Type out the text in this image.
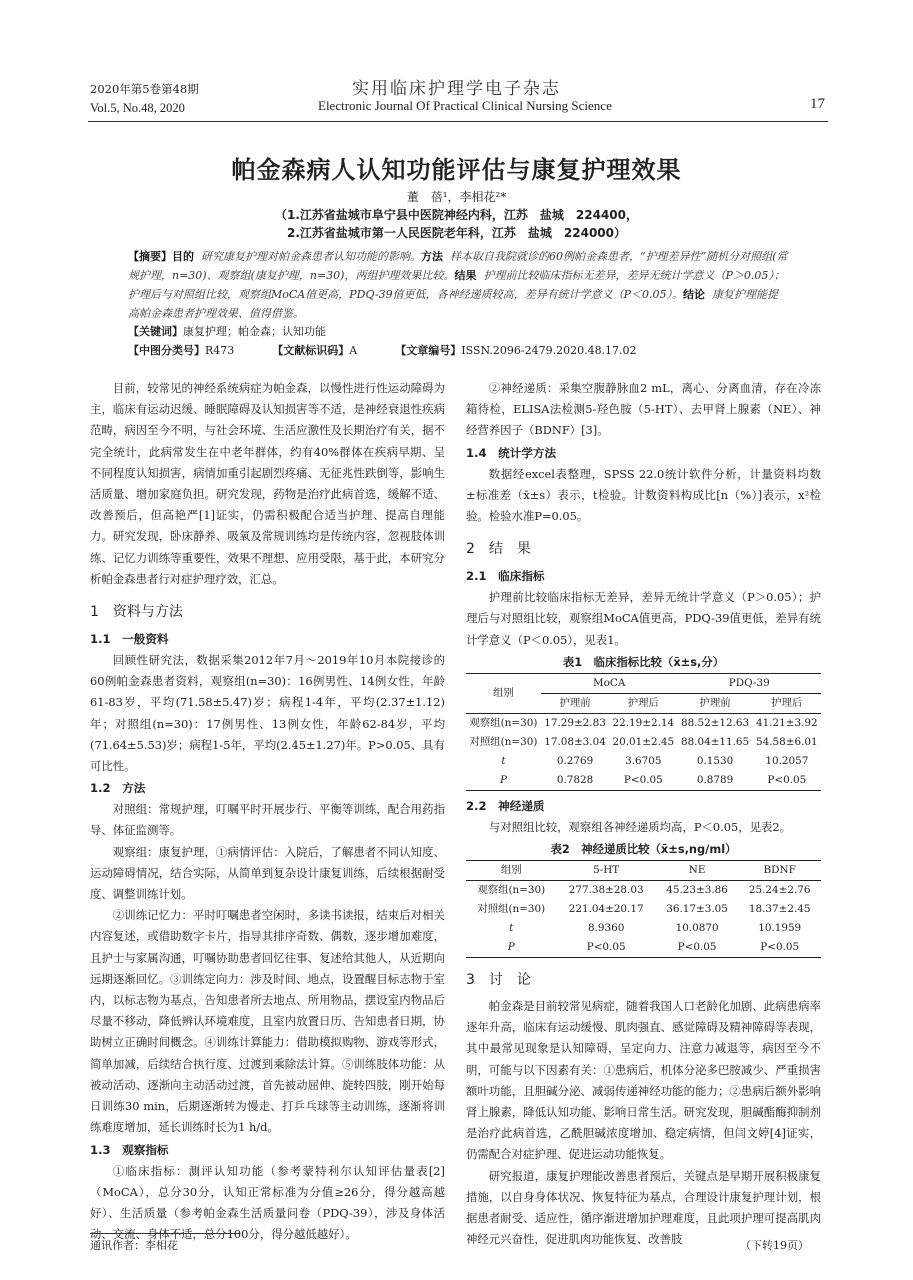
2020年第5卷第48期
Vol.5, No.48, 2020
实用临床护理学电子杂志
Electronic Journal Of Practical Clinical Nursing Science	17
帕金森病人认知功能评估与康复护理效果
董　蓓¹，李相花²*
（1.江苏省盐城市阜宁县中医院神经内科，江苏　盐城　224400，
2.江苏省盐城市第一人民医院老年科，江苏　盐城　224000）
【摘要】目的 研究康复护理对帕金森患者认知功能的影响。方法 样本取自我院就诊的60例帕金森患者，“护理差异性”随机分对照组(常规护理，n=30)、观察组(康复护理，n=30)，两组护理效果比较。结果 护理前比较临床指标无差异，差异无统计学意义（P＞0.05）；护理后与对照组比较，观察组MoCA值更高，PDQ-39值更低，各神经递质较高，差异有统计学意义（P＜0.05）。结论 康复护理能提高帕金森患者护理效果、值得借鉴。
【关键词】康复护理；帕金森；认知功能
【中图分类号】R473	【文献标识码】A	【文章编号】ISSN.2096-2479.2020.48.17.02

目前，较常见的神经系统病症为帕金森，以慢性进行性运动障碍为主，临床有运动迟缓、睡眠障碍及认知损害等不适，是神经衰退性疾病范畴，病因至今不明，与社会环境、生活应激性及长期治疗有关，据不完全统计，此病常发生在中老年群体，约有40%群体在疾病早期、呈不同程度认知损害，病情加重引起剧烈疼痛、无征兆性跌倒等，影响生活质量、增加家庭负担。研究发现，药物是治疗此病首选，缓解不适、改善预后，但高艳严[1]证实，仍需积极配合适当护理、提高自理能力。研究发现，卧床静养、吸氧及常规训练均是传统内容，忽视肢体训练、记忆力训练等重要性，效果不理想、应用受限，基于此，本研究分析帕金森患者行对症护理疗效，汇总。

1　资料与方法
1.1　一般资料

回顾性研究法，数据采集2012年7月～2019年10月本院接诊的60例帕金森患者资料，观察组(n=30)：16例男性、14例女性，年龄61-83岁，平均(71.58±5.47)岁；病程1-4年，平均(2.37±1.12)年；对照组(n=30)：17例男性、13例女性，年龄62-84岁，平均(71.64±5.53)岁；病程1-5年，平均(2.45±1.27)年。P>0.05、具有可比性。

1.2　方法

对照组：常规护理，叮嘱平时开展步行、平衡等训练，配合用药指导、体征监测等。

观察组：康复护理，①病情评估：入院后，了解患者不同认知度、运动障碍情况，结合实际，从简单到复杂设计康复训练，后续根据耐受度、调整训练计划。

②训练记忆力：平时叮嘱患者空闲时，多读书读报，结束后对相关内容复述，或借助数字卡片，指导其排序奇数、偶数，逐步增加难度，且护士与家属沟通，叮嘱协助患者回忆往事、复述给其他人，从近期向远期逐渐回忆。③训练定向力：涉及时间、地点，设置醒目标志物于室内，以标志物为基点，告知患者所去地点、所用物品，摆设室内物品后尽量不移动，降低辨认环境难度，且室内放置日历、告知患者日期，协助树立正确时间概念。④训练计算能力：借助模拟购物、游戏等形式，简单加减，后续结合执行度、过渡到乘除法计算。⑤训练肢体功能：从被动活动、逐渐向主动活动过渡，首先被动屈伸、旋转四肢，刚开始每日训练30 min，后期逐渐转为慢走、打乒乓球等主动训练，逐渐将训练难度增加，延长训练时长为1 h/d。

1.3　观察指标

①临床指标：测评认知功能（参考蒙特利尔认知评估量表[2]（MoCA），总分30分，认知正常标准为分值≥26分，得分越高越好）、生活质量（参考帕金森生活质量问卷（PDQ-39），涉及身体活动、交流、身体不适，总分100分，得分越低越好）。

②神经递质：采集空腹静脉血2 mL，离心、分离血清，存在冷冻箱待检，ELISA法检测5-羟色胺（5-HT）、去甲肾上腺素（NE）、神经营养因子（BDNF）[3]。

1.4　统计学方法

数据经excel表整理，SPSS 22.0统计软件分析，计量资料均数±标准差（x̄±s）表示，t检验。计数资料构成比[n（%）]表示，x²检验。检验水准P=0.05。

2　结　果
2.1　临床指标

护理前比较临床指标无差异，差异无统计学意义（P＞0.05）；护理后与对照组比较，观察组MoCA值更高，PDQ-39值更低，差异有统计学意义（P＜0.05），见表1。

表1　临床指标比较（x̄±s,分）
组别	MoCA		PDQ-39	
	护理前	护理后	护理前	护理后
观察组(n=30)	17.29±2.83	22.19±2.14	88.52±12.63	41.21±3.92
对照组(n=30)	17.08±3.04	20.01±2.45	88.04±11.65	54.58±6.01
t	0.2769	3.6705	0.1530	10.2057
P	0.7828	P<0.05	0.8789	P<0.05
2.2　神经递质

与对照组比较，观察组各神经递质均高，P＜0.05，见表2。

表2　神经递质比较（x̄±s,ng/ml）
组别	5-HT	NE	BDNF
观察组(n=30)	277.38±28.03	45.23±3.86	25.24±2.76
对照组(n=30)	221.04±20.17	36.17±3.05	18.37±2.45
t	8.9360	10.0870	10.1959
P	P<0.05	P<0.05	P<0.05
3　讨　论

帕金森是目前较常见病症，随着我国人口老龄化加剧、此病患病率逐年升高，临床有运动缓慢、肌肉强直、感觉障碍及精神障碍等表现，其中最常见现象是认知障碍，呈定向力、注意力减退等，病因至今不明，可能与以下因素有关：①患病后，机体分泌多巴胺减少、严重损害额叶功能，且胆碱分泌、减弱传递神经功能的能力；②患病后额外影响肾上腺素，降低认知功能、影响日常生活。研究发现，胆碱酯酶抑制剂是治疗此病首选，乙酰胆碱浓度增加、稳定病情，但闫文婷[4]证实，仍需配合对症护理、促进运动功能恢复。

研究报道，康复护理能改善患者预后，关键点是早期开展积极康复措施，以自身身体状况、恢复特征为基点，合理设计康复护理计划，根据患者耐受、适应性，循序渐进增加护理难度，且此项护理可提高肌肉神经元兴奋性，促进肌肉功能恢复、改善肢

通讯作者：李相花	（下转19页）
